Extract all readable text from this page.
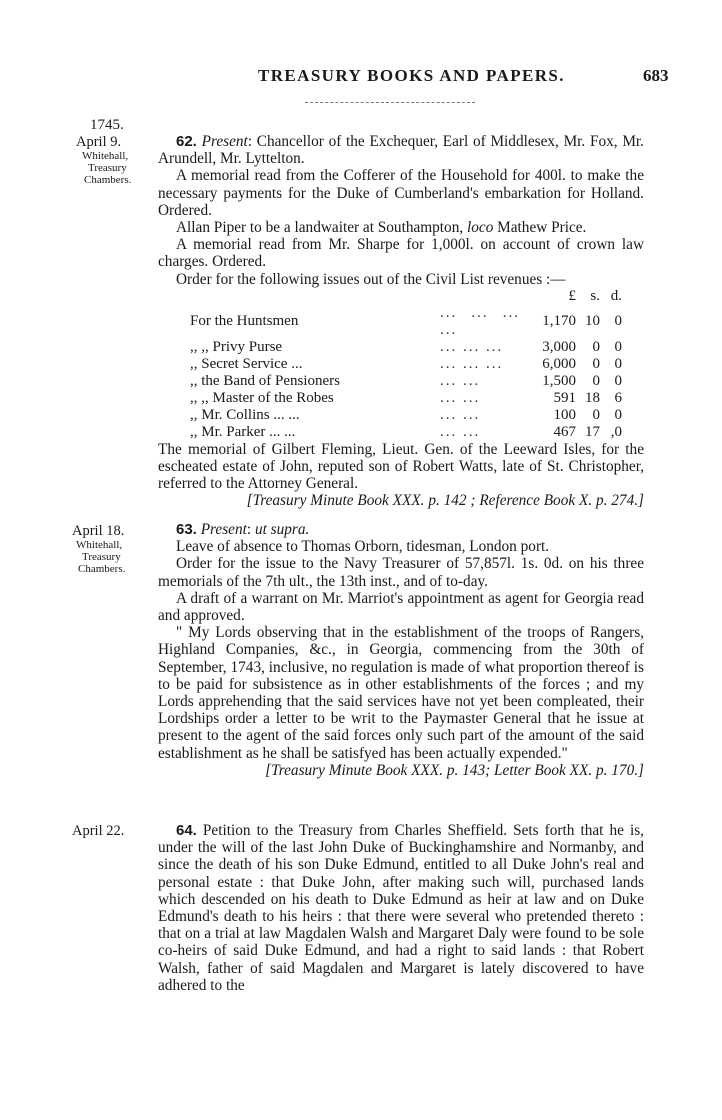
TREASURY BOOKS AND PAPERS.	683
1745.
April 9.
Whitehall,
Treasury
Chambers.

62. Present: Chancellor of the Exchequer, Earl of Middlesex, Mr. Fox, Mr. Arundell, Mr. Lyttelton.

A memorial read from the Cofferer of the Household for 400l. to make the necessary payments for the Duke of Cumberland's embarkation for Holland. Ordered.

Allan Piper to be a landwaiter at Southampton, loco Mathew Price.

A memorial read from Mr. Sharpe for 1,000l. on account of crown law charges. Ordered.

Order for the following issues out of the Civil List revenues :—

		£	s.	d.
For the Huntsmen	... ... ... ...	1,170	10	0
,, ,, Privy Purse	... ... ...	3,000	0	0
,, Secret Service ...	... ... ...	6,000	0	0
,, the Band of Pensioners	... ...	1,500	0	0
,, ,, Master of the Robes	... ...	591	18	6
,, Mr. Collins ... ...	... ...	100	0	0
,, Mr. Parker ... ...	... ...	467	17	,0

The memorial of Gilbert Fleming, Lieut. Gen. of the Leeward Isles, for the escheated estate of John, reputed son of Robert Watts, late of St. Christopher, referred to the Attorney General.

[Treasury Minute Book XXX. p. 142 ; Reference Book X. p. 274.]

April 18.
Whitehall,
Treasury
Chambers.

63. Present: ut supra.

Leave of absence to Thomas Orborn, tidesman, London port.

Order for the issue to the Navy Treasurer of 57,857l. 1s. 0d. on his three memorials of the 7th ult., the 13th inst., and of to-day.

A draft of a warrant on Mr. Marriot's appointment as agent for Georgia read and approved.

" My Lords observing that in the establishment of the troops of Rangers, Highland Companies, &c., in Georgia, commencing from the 30th of September, 1743, inclusive, no regulation is made of what proportion thereof is to be paid for subsistence as in other establishments of the forces ; and my Lords apprehending that the said services have not yet been compleated, their Lordships order a letter to be writ to the Paymaster General that he issue at present to the agent of the said forces only such part of the amount of the said establishment as he shall be satisfyed has been actually expended."

[Treasury Minute Book XXX. p. 143; Letter Book XX. p. 170.]

April 22.	64. Petition to the Treasury from Charles Sheffield. Sets forth that he is, under the will of the last John Duke of Buckinghamshire and Normanby, and since the death of his son Duke Edmund, entitled to all Duke John's real and personal estate : that Duke John, after making such will, purchased lands which descended on his death to Duke Edmund as heir at law and on Duke Edmund's death to his heirs : that there were several who pretended thereto : that on a trial at law Magdalen Walsh and Margaret Daly were found to be sole co-heirs of said Duke Edmund, and had a right to said lands : that Robert Walsh, father of said Magdalen and Margaret is lately discovered to have adhered to the
